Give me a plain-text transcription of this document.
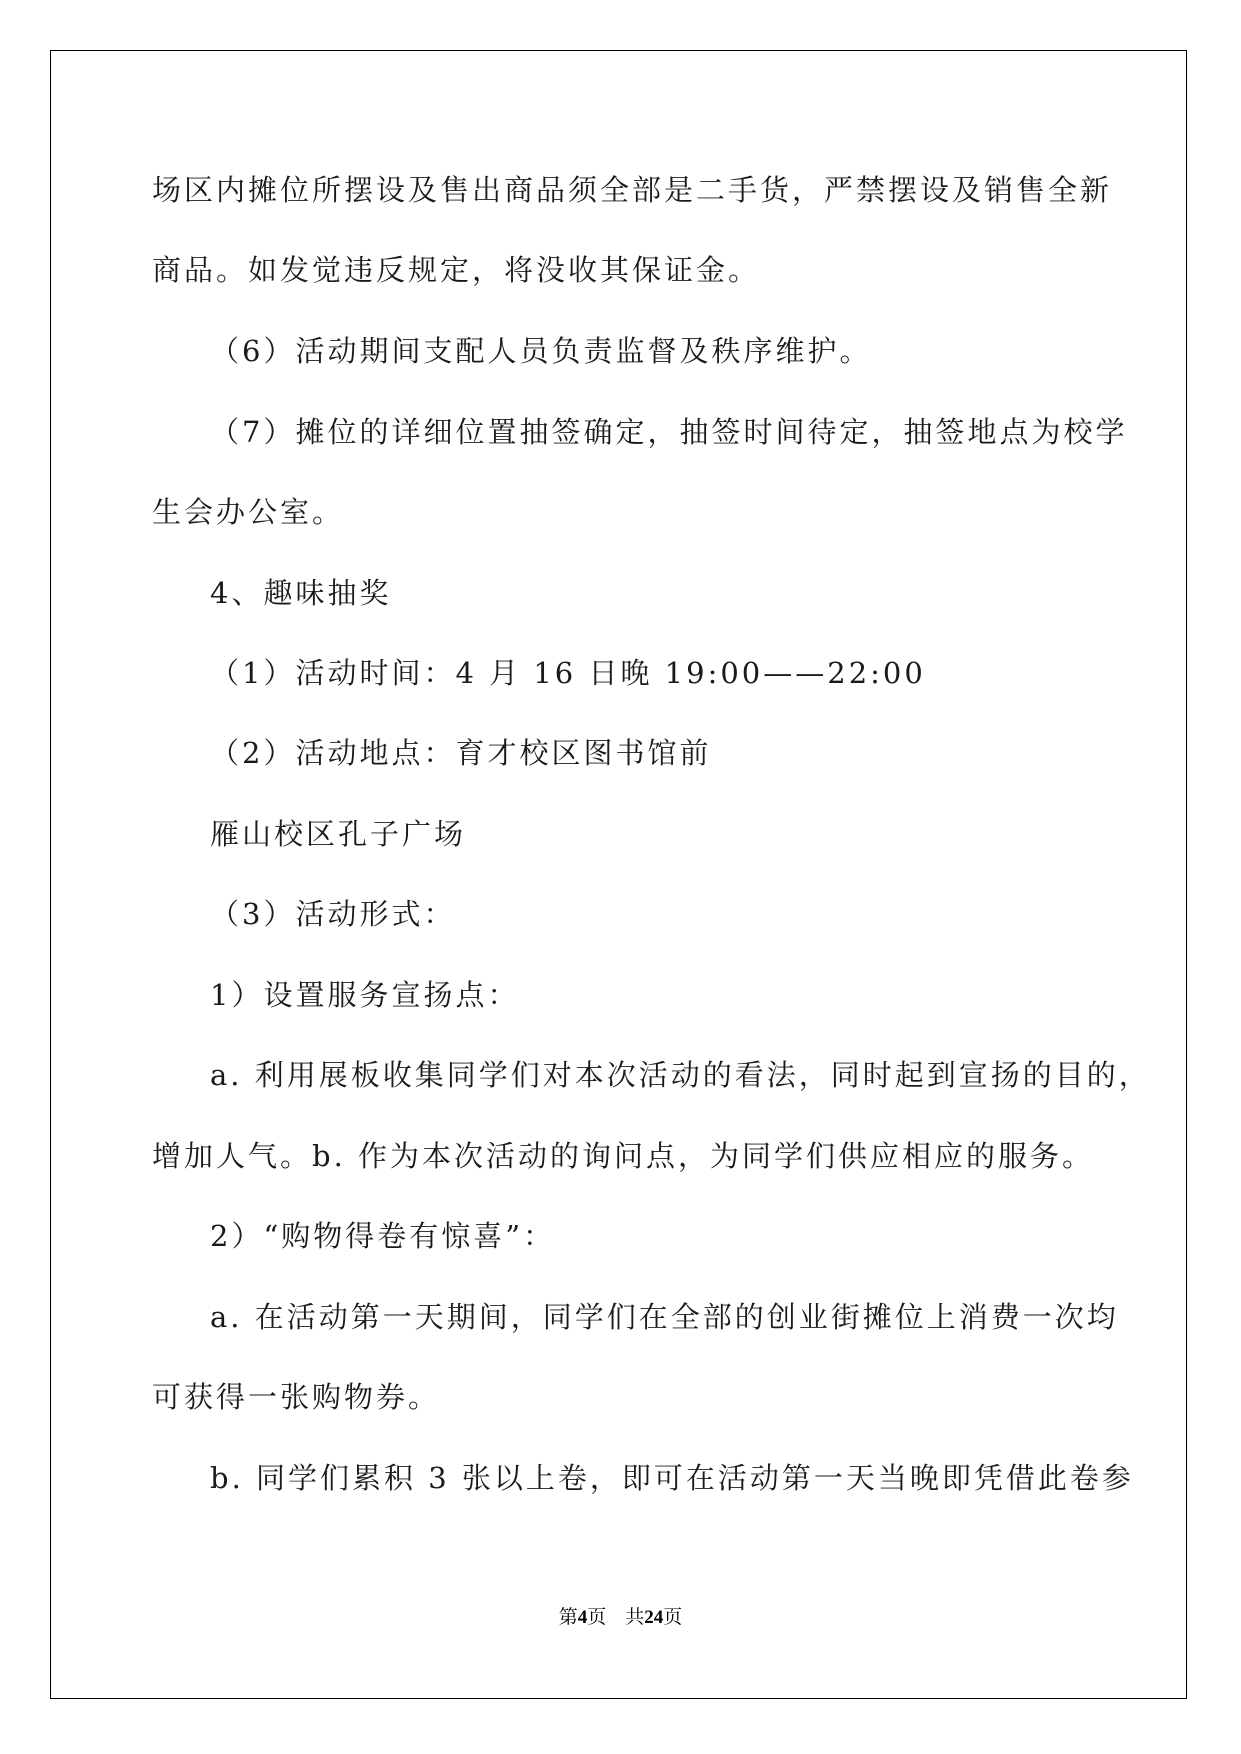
场区内摊位所摆设及售出商品须全部是二手货，严禁摆设及销售全新
商品。如发觉违反规定，将没收其保证金。
（6）活动期间支配人员负责监督及秩序维护。
（7）摊位的详细位置抽签确定，抽签时间待定，抽签地点为校学
生会办公室。
4、趣味抽奖
（1）活动时间：4 月 16 日晚 19:00——22:00
（2）活动地点：育才校区图书馆前
雁山校区孔子广场
（3）活动形式：
1）设置服务宣扬点：
a. 利用展板收集同学们对本次活动的看法，同时起到宣扬的目的，
增加人气。b. 作为本次活动的询问点，为同学们供应相应的服务。
2）“购物得卷有惊喜”：
a. 在活动第一天期间，同学们在全部的创业街摊位上消费一次均
可获得一张购物券。
b. 同学们累积 3 张以上卷，即可在活动第一天当晚即凭借此卷参
第4页　共24页
